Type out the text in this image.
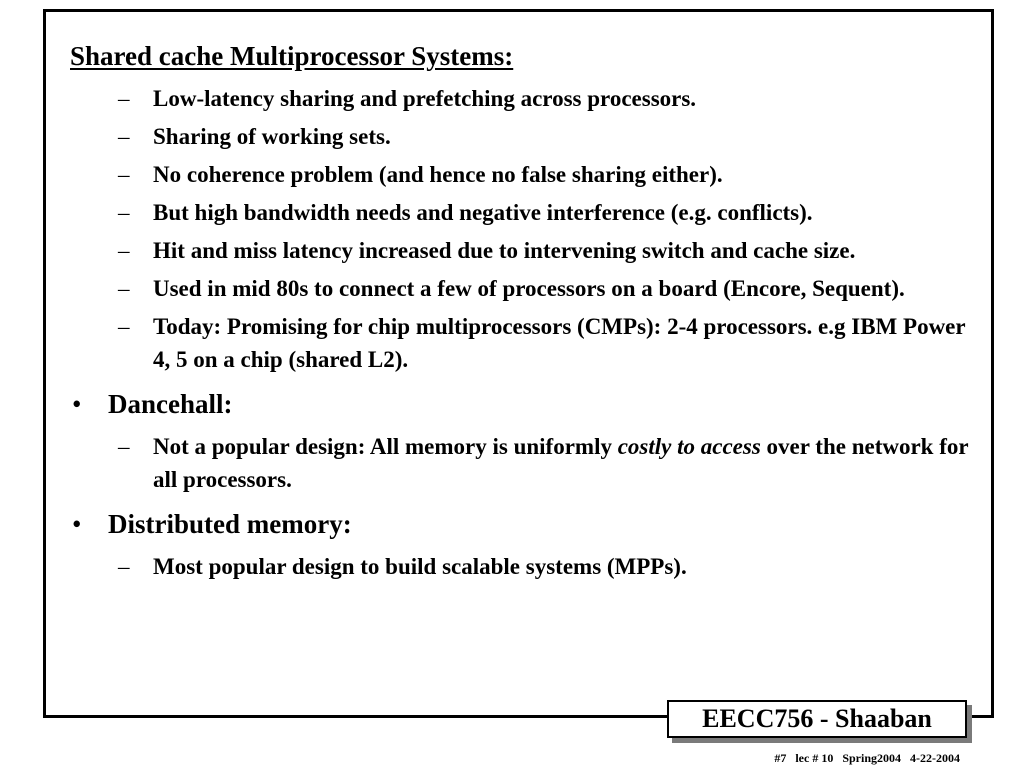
Shared cache Multiprocessor Systems:
– Low-latency sharing and prefetching across processors.
– Sharing of working sets.
– No coherence problem (and hence no false sharing either).
– But high bandwidth needs and negative interference (e.g. conflicts).
– Hit and miss latency increased due to intervening switch and cache size.
– Used in mid 80s to connect a few of processors on a board (Encore, Sequent).
– Today: Promising for chip multiprocessors (CMPs): 2-4 processors. e.g IBM Power 4, 5 on a chip (shared L2).
• Dancehall:
– Not a popular design: All memory is uniformly costly to access over the network for all processors.
• Distributed memory:
– Most popular design to build scalable systems (MPPs).
EECC756 - Shaaban
#7   lec # 10   Spring2004   4-22-2004
